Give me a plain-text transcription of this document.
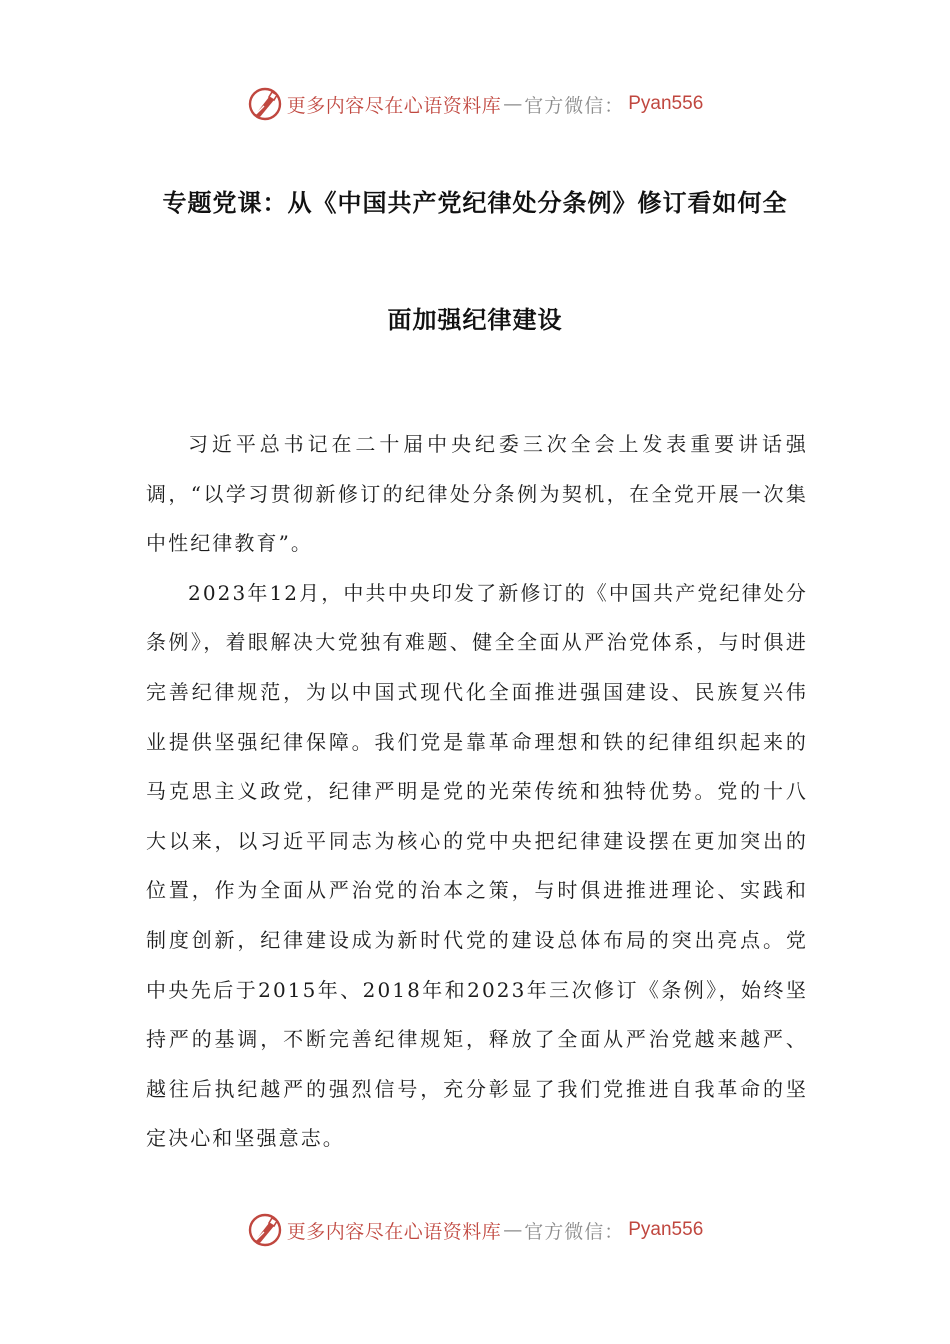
更多内容尽在心语资料库 — 官方微信： Pyan556
专题党课：从《中国共产党纪律处分条例》修订看如何全
面加强纪律建设

习近平总书记在二十届中央纪委三次全会上发表重要讲话强调，“以学习贯彻新修订的纪律处分条例为契机，在全党开展一次集中性纪律教育”。

2023年12月，中共中央印发了新修订的《中国共产党纪律处分条例》，着眼解决大党独有难题、健全全面从严治党体系，与时俱进完善纪律规范，为以中国式现代化全面推进强国建设、民族复兴伟业提供坚强纪律保障。我们党是靠革命理想和铁的纪律组织起来的马克思主义政党，纪律严明是党的光荣传统和独特优势。党的十八大以来，以习近平同志为核心的党中央把纪律建设摆在更加突出的位置，作为全面从严治党的治本之策，与时俱进推进理论、实践和制度创新，纪律建设成为新时代党的建设总体布局的突出亮点。党中央先后于2015年、2018年和2023年三次修订《条例》，始终坚持严的基调，不断完善纪律规矩，释放了全面从严治党越来越严、越往后执纪越严的强烈信号，充分彰显了我们党推进自我革命的坚定决心和坚强意志。

更多内容尽在心语资料库 — 官方微信： Pyan556
